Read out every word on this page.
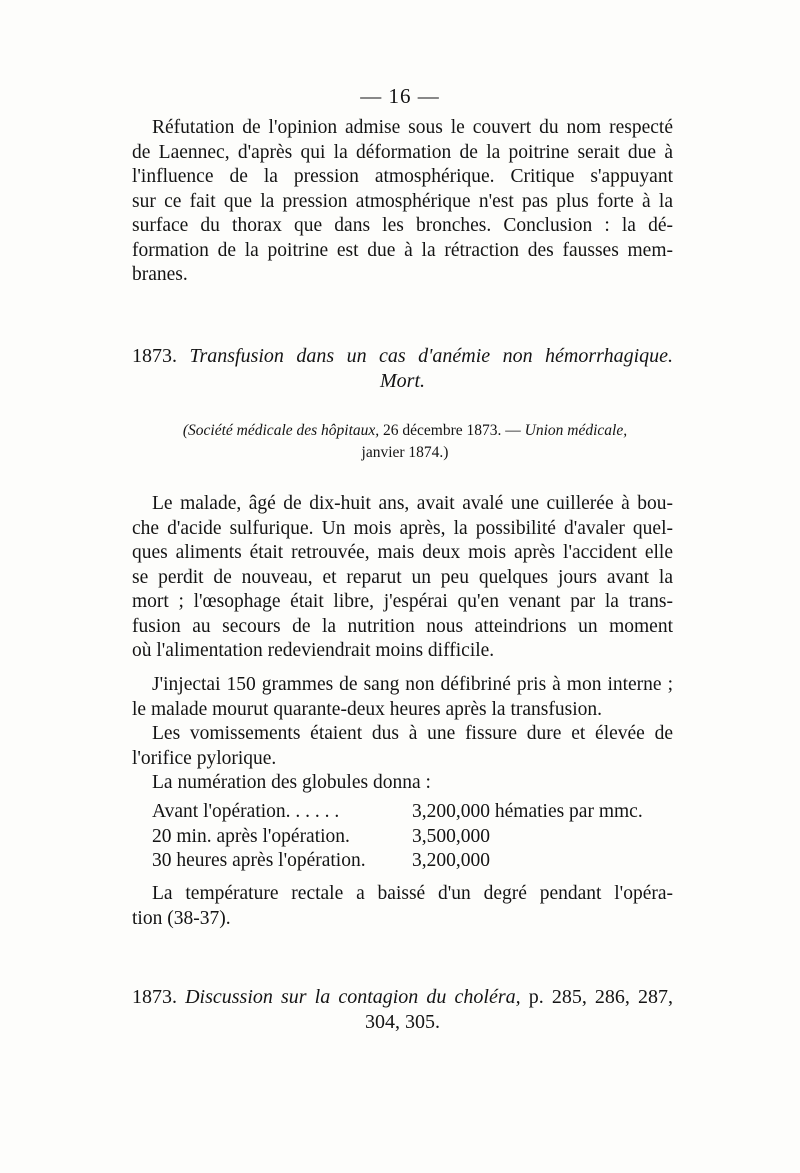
— 16 —
Réfutation de l'opinion admise sous le couvert du nom respecté
de Laennec, d'après qui la déformation de la poitrine serait due à
l'influence de la pression atmosphérique. Critique s'appuyant
sur ce fait que la pression atmosphérique n'est pas plus forte à la
surface du thorax que dans les bronches. Conclusion : la dé-
formation de la poitrine est due à la rétraction des fausses mem-
branes.
1873. Transfusion dans un cas d'anémie non hémorrhagique.
Mort.
(Société médicale des hôpitaux, 26 décembre 1873. — Union médicale,
janvier 1874.)
Le malade, âgé de dix-huit ans, avait avalé une cuillerée à bou-
che d'acide sulfurique. Un mois après, la possibilité d'avaler quel-
ques aliments était retrouvée, mais deux mois après l'accident elle
se perdit de nouveau, et reparut un peu quelques jours avant la
mort ; l'œsophage était libre, j'espérai qu'en venant par la trans-
fusion au secours de la nutrition nous atteindrions un moment
où l'alimentation redeviendrait moins difficile.
J'injectai 150 grammes de sang non défibriné pris à mon interne ;
le malade mourut quarante-deux heures après la transfusion.
Les vomissements étaient dus à une fissure dure et élevée de
l'orifice pylorique.
La numération des globules donna :
Avant l'opération. . . . . .	3,200,000 hématies par mmc.
20 min. après l'opération.	3,500,000
30 heures après l'opération.	3,200,000
La température rectale a baissé d'un degré pendant l'opéra-
tion (38-37).
1873. Discussion sur la contagion du choléra, p. 285, 286, 287,
304, 305.
